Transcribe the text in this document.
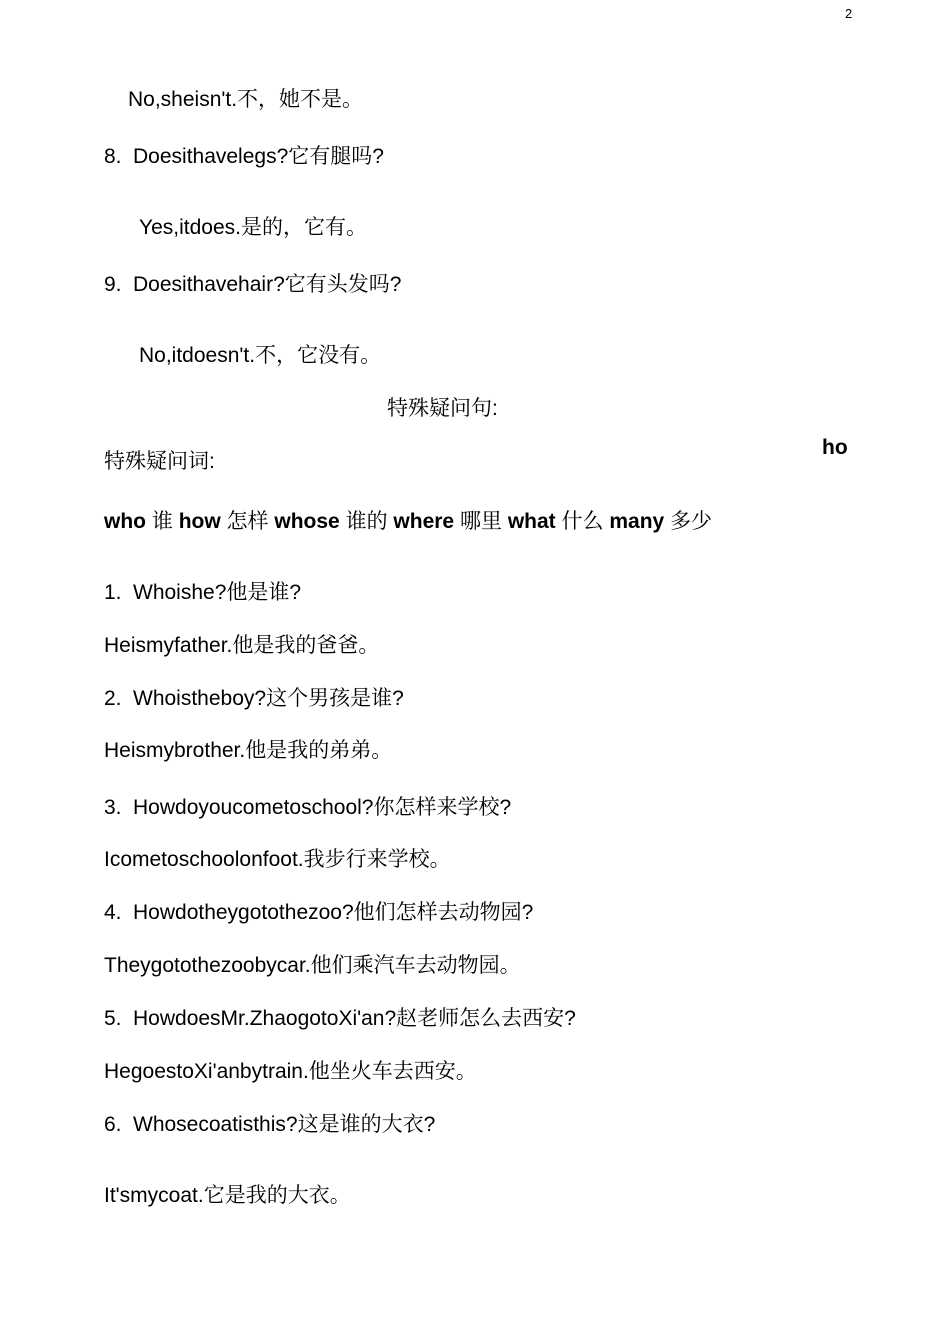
2
No,sheisn't.不，她不是。
8. Doesithavelegs?它有腿吗?
Yes,itdoes.是的，它有。
9. Doesithavehair?它有头发吗?
No,itdoesn't.不，它没有。
特殊疑问句:
ho
特殊疑问词:
who 谁 how 怎样 whose 谁的 where 哪里 what 什么 many 多少
1. Whoishe?他是谁?
Heismyfather.他是我的爸爸。
2. Whoistheboy?这个男孩是谁?
Heismybrother.他是我的弟弟。
3. Howdoyoucometoschool?你怎样来学校?
Icometoschoolonfoot.我步行来学校。
4. Howdotheygotothezoo?他们怎样去动物园?
Theygotothezoobycar.他们乘汽车去动物园。
5. HowdoesMr.ZhaogotoXi'an?赵老师怎么去西安?
HegoestoXi'anbytrain.他坐火车去西安。
6. Whosecoatisthis?这是谁的大衣?
It'smycoat.它是我的大衣。
